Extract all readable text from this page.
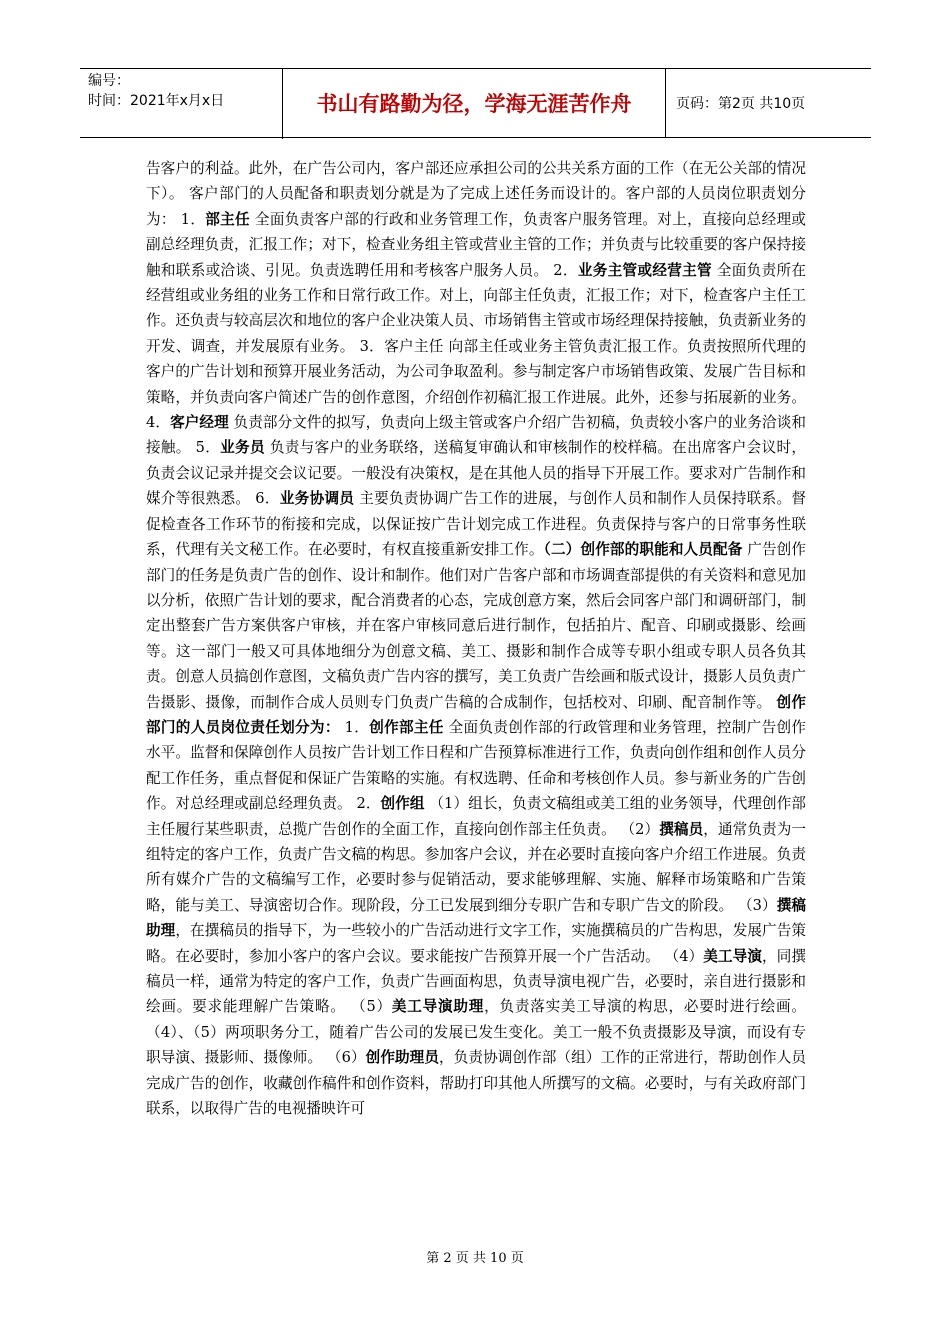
编号：
时间：2021年x月x日	书山有路勤为径，学海无涯苦作舟	页码：第2页 共10页

告客户的利益。此外，在广告公司内，客户部还应承担公司的公共关系方面的工作（在无公关部的情况下）。 客户部门的人员配备和职责划分就是为了完成上述任务而设计的。客户部的人员岗位职责划分为： 1．部主任 全面负责客户部的行政和业务管理工作，负责客户服务管理。对上，直接向总经理或副总经理负责，汇报工作；对下，检查业务组主管或营业主管的工作；并负责与比较重要的客户保持接触和联系或洽谈、引见。负责选聘任用和考核客户服务人员。 2．业务主管或经营主管 全面负责所在经营组或业务组的业务工作和日常行政工作。对上，向部主任负责，汇报工作；对下，检查客户主任工作。还负责与较高层次和地位的客户企业决策人员、市场销售主管或市场经理保持接触，负责新业务的开发、调查，并发展原有业务。 3．客户主任 向部主任或业务主管负责汇报工作。负责按照所代理的客户的广告计划和预算开展业务活动，为公司争取盈利。参与制定客户市场销售政策、发展广告目标和策略，并负责向客户简述广告的创作意图，介绍创作初稿汇报工作进展。此外，还参与拓展新的业务。 4．客户经理 负责部分文件的拟写，负责向上级主管或客户介绍广告初稿，负责较小客户的业务洽谈和接触。 5．业务员 负责与客户的业务联络，送稿复审确认和审核制作的校样稿。在出席客户会议时，负责会议记录并提交会议记要。一般没有决策权，是在其他人员的指导下开展工作。要求对广告制作和媒介等很熟悉。 6．业务协调员 主要负责协调广告工作的进展，与创作人员和制作人员保持联系。督促检查各工作环节的衔接和完成，以保证按广告计划完成工作进程。负责保持与客户的日常事务性联系，代理有关文秘工作。在必要时，有权直接重新安排工作。（二）创作部的职能和人员配备 广告创作部门的任务是负责广告的创作、设计和制作。他们对广告客户部和市场调查部提供的有关资料和意见加以分析，依照广告计划的要求，配合消费者的心态，完成创意方案，然后会同客户部门和调研部门，制定出整套广告方案供客户审核，并在客户审核同意后进行制作，包括拍片、配音、印刷或摄影、绘画等。这一部门一般又可具体地细分为创意文稿、美工、摄影和制作合成等专职小组或专职人员各负其责。创意人员搞创作意图，文稿负责广告内容的撰写，美工负责广告绘画和版式设计，摄影人员负责广告摄影、摄像，而制作合成人员则专门负责广告稿的合成制作，包括校对、印刷、配音制作等。 创作部门的人员岗位责任划分为： 1．创作部主任 全面负责创作部的行政管理和业务管理，控制广告创作水平。监督和保障创作人员按广告计划工作日程和广告预算标准进行工作，负责向创作组和创作人员分配工作任务，重点督促和保证广告策略的实施。有权选聘、任命和考核创作人员。参与新业务的广告创作。对总经理或副总经理负责。 2．创作组 （1）组长，负责文稿组或美工组的业务领导，代理创作部主任履行某些职责，总揽广告创作的全面工作，直接向创作部主任负责。 （2）撰稿员，通常负责为一组特定的客户工作，负责广告文稿的构思。参加客户会议，并在必要时直接向客户介绍工作进展。负责所有媒介广告的文稿编写工作，必要时参与促销活动，要求能够理解、实施、解释市场策略和广告策略，能与美工、导演密切合作。现阶段，分工已发展到细分专职广告和专职广告文的阶段。 （3）撰稿助理，在撰稿员的指导下，为一些较小的广告活动进行文字工作，实施撰稿员的广告构思，发展广告策略。在必要时，参加小客户的客户会议。要求能按广告预算开展一个广告活动。 （4）美工导演，同撰稿员一样，通常为特定的客户工作，负责广告画面构思，负责导演电视广告，必要时，亲自进行摄影和绘画。要求能理解广告策略。 （5）美工导演助理，负责落实美工导演的构思，必要时进行绘画。 （4）、（5）两项职务分工，随着广告公司的发展已发生变化。美工一般不负责摄影及导演，而设有专职导演、摄影师、摄像师。 （6）创作助理员，负责协调创作部（组）工作的正常进行，帮助创作人员完成广告的创作，收藏创作稿件和创作资料，帮助打印其他人所撰写的文稿。必要时，与有关政府部门联系，以取得广告的电视播映许可

第 2 页 共 10 页
